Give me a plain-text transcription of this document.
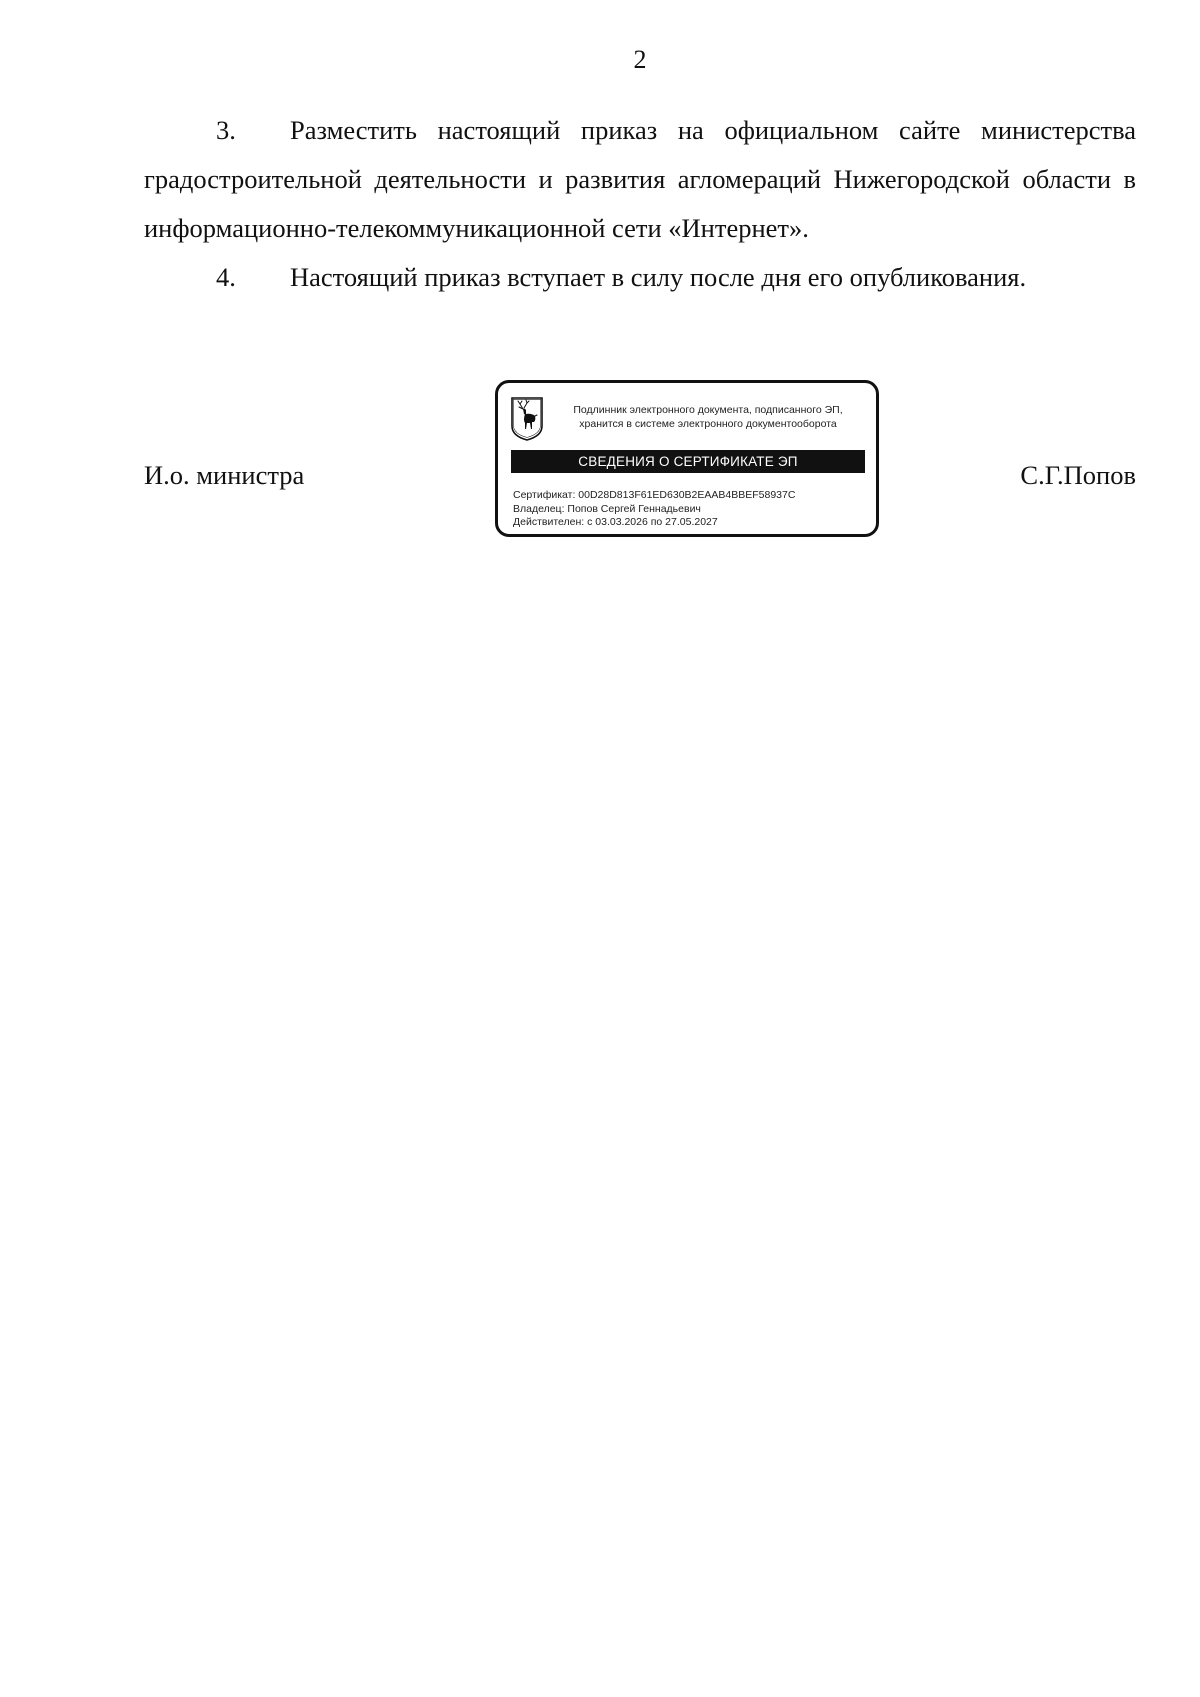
2

3. Разместить настоящий приказ на официальном сайте министерства градостроительной деятельности и развития агломераций Нижегородской области в информационно-телекоммуникационной сети «Интернет».

4. Настоящий приказ вступает в силу после дня его опубликования.

И.о. министра	С.Г.Попов
Подлинник электронного документа, подписанного ЭП,
хранится в системе электронного документооборота
СВЕДЕНИЯ О СЕРТИФИКАТЕ ЭП
Сертификат: 00D28D813F61ED630B2EAAB4BBEF58937C
Владелец: Попов Сергей Геннадьевич
Действителен: с 03.03.2026 по 27.05.2027
